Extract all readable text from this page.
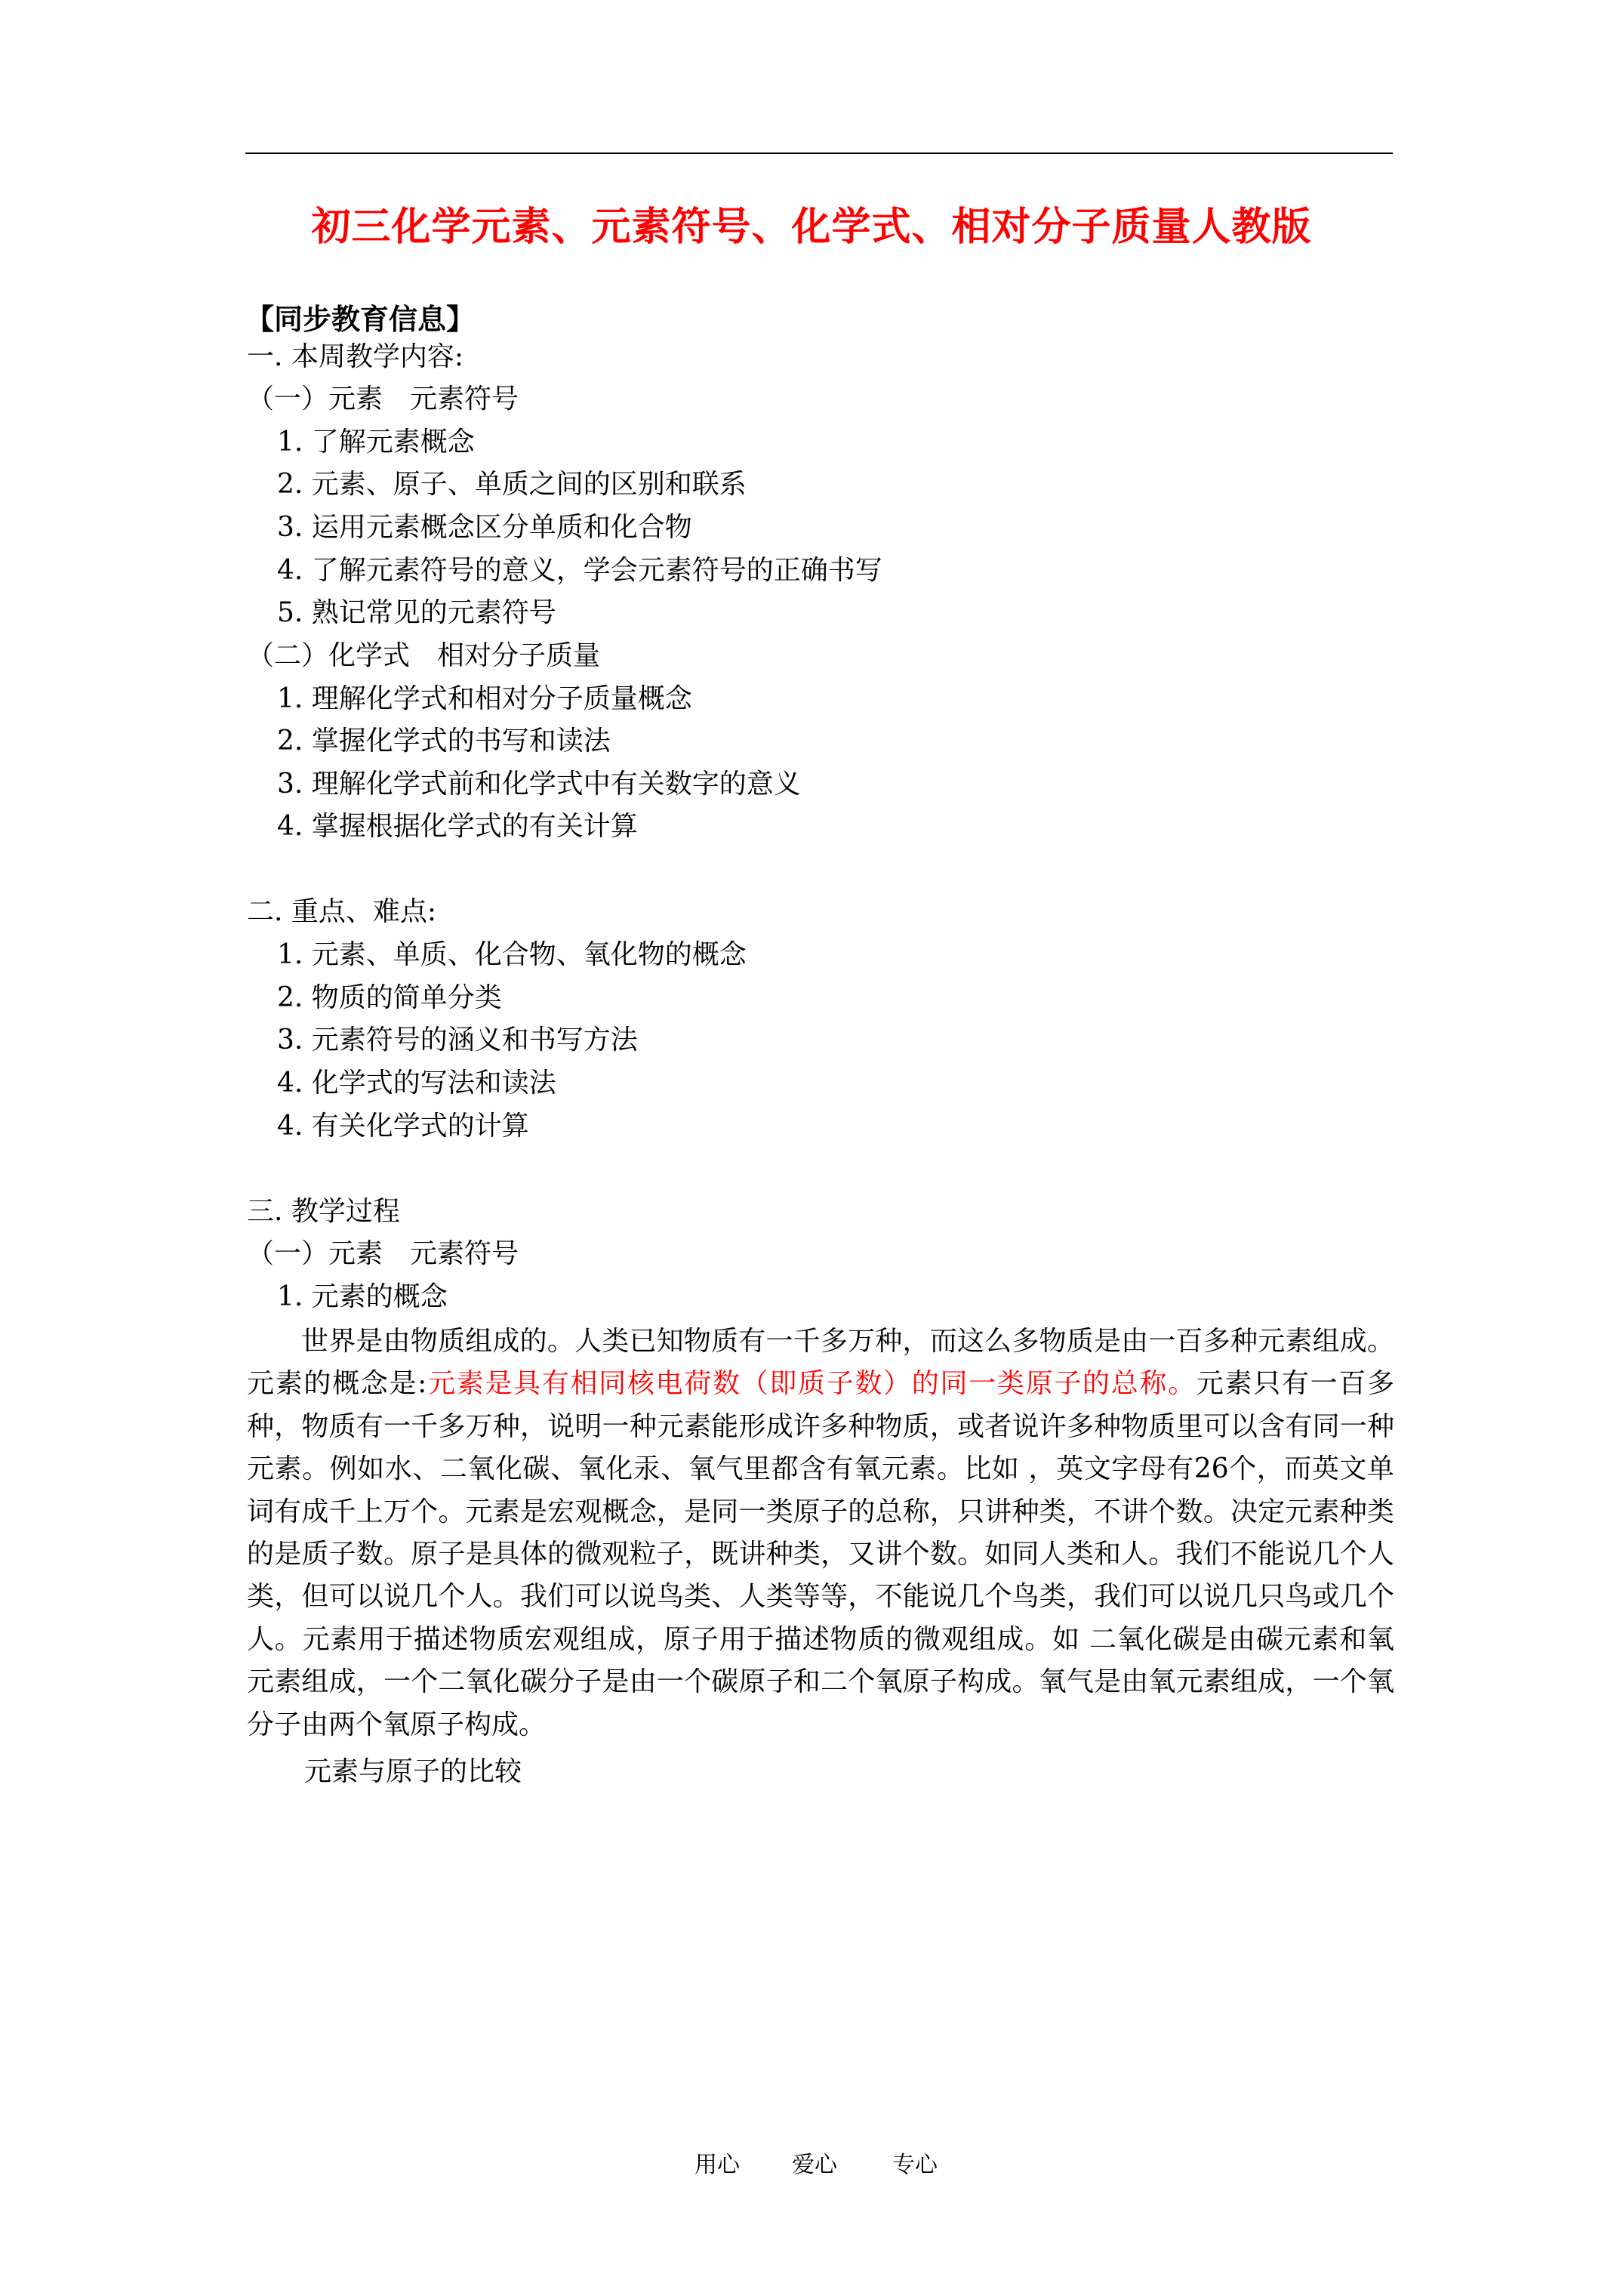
初三化学元素、元素符号、化学式、相对分子质量人教版
【同步教育信息】
一. 本周教学内容:
（一）元素　元素符号
1. 了解元素概念
2. 元素、原子、单质之间的区别和联系
3. 运用元素概念区分单质和化合物
4. 了解元素符号的意义，学会元素符号的正确书写
5. 熟记常见的元素符号
（二）化学式　相对分子质量
1. 理解化学式和相对分子质量概念
2. 掌握化学式的书写和读法
3. 理解化学式前和化学式中有关数字的意义
4. 掌握根据化学式的有关计算
二. 重点、难点:
1. 元素、单质、化合物、氧化物的概念
2. 物质的简单分类
3. 元素符号的涵义和书写方法
4. 化学式的写法和读法
4. 有关化学式的计算
三. 教学过程
（一）元素　元素符号
1. 元素的概念
世界是由物质组成的。人类已知物质有一千多万种，而这么多物质是由一百多种元素组成。元素的概念是:元素是具有相同核电荷数（即质子数）的同一类原子的总称。元素只有一百多种，物质有一千多万种，说明一种元素能形成许多种物质，或者说许多种物质里可以含有同一种元素。例如水、二氧化碳、氧化汞、氧气里都含有氧元素。比如 ，英文字母有26个，而英文单词有成千上万个。元素是宏观概念，是同一类原子的总称，只讲种类，不讲个数。决定元素种类的是质子数。原子是具体的微观粒子，既讲种类，又讲个数。如同人类和人。我们不能说几个人类，但可以说几个人。我们可以说鸟类、人类等等，不能说几个鸟类，我们可以说几只鸟或几个人。元素用于描述物质宏观组成，原子用于描述物质的微观组成。如 二氧化碳是由碳元素和氧元素组成，一个二氧化碳分子是由一个碳原子和二个氧原子构成。氧气是由氧元素组成，一个氧分子由两个氧原子构成。
元素与原子的比较
用心 爱心 专心
